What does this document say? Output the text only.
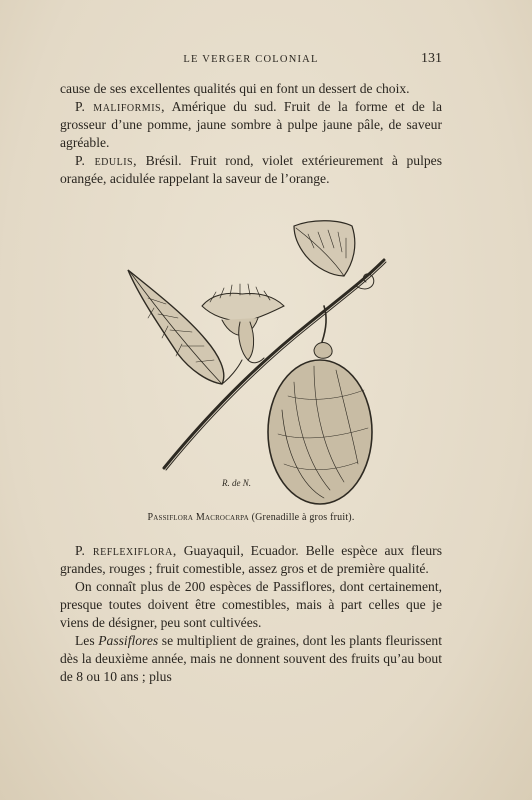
LE VERGER COLONIAL	131

cause de ses excellentes qualités qui en font un dessert de choix.

P. maliformis, Amérique du sud. Fruit de la forme et de la grosseur d’une pomme, jaune sombre à pulpe jaune pâle, de saveur agréable.

P. edulis, Brésil. Fruit rond, violet extérieurement à pulpes orangée, acidulée rappelant la saveur de l’orange.

R. de N.
Passiflora Macrocarpa (Grenadille à gros fruit).

P. reflexiflora, Guayaquil, Ecuador. Belle espèce aux fleurs grandes, rouges ; fruit comestible, assez gros et de première qualité.

On connaît plus de 200 espèces de Passiflores, dont certainement, presque toutes doivent être comestibles, mais à part celles que je viens de désigner, peu sont cultivées.

Les Passiflores se multiplient de graines, dont les plants fleurissent dès la deuxième année, mais ne donnent souvent des fruits qu’au bout de 8 ou 10 ans ; plus
